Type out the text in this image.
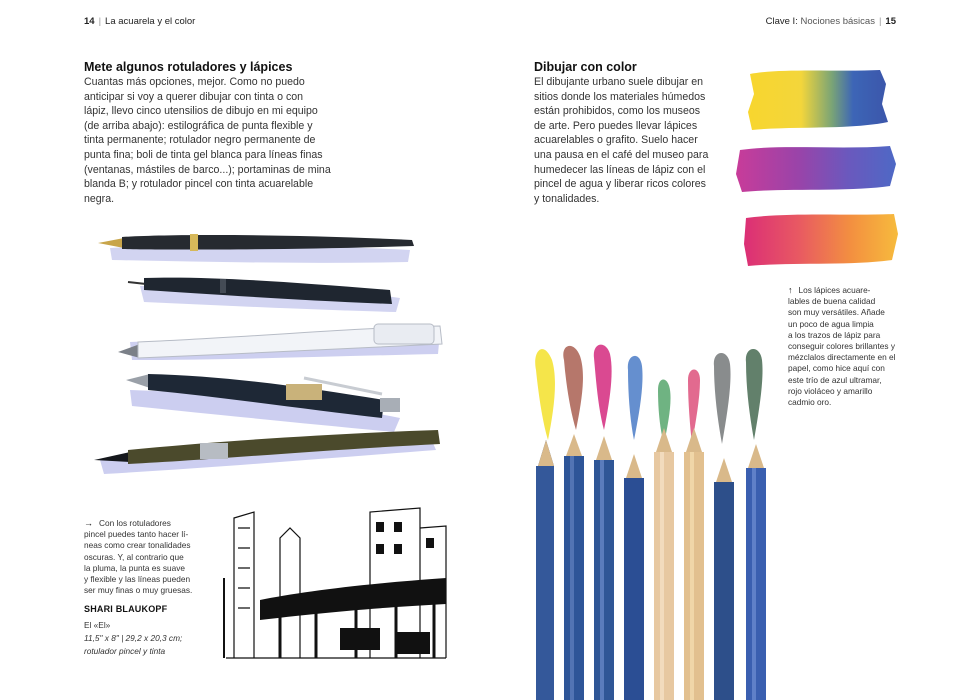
14 | La acuarela y el color	Clave I: Nociones básicas | 15
Mete algunos rotuladores y lápices
Cuantas más opciones, mejor. Como no puedo
anticipar si voy a querer dibujar con tinta o con
lápiz, llevo cinco utensilios de dibujo en mi equipo
(de arriba abajo): estilográfica de punta flexible y
tinta permanente; rotulador negro permanente de
punta fina; boli de tinta gel blanca para líneas finas
(ventanas, mástiles de barco...); portaminas de mina
blanda B; y rotulador pincel con tinta acuarelable
negra.
Dibujar con color
El dibujante urbano suele dibujar en
sitios donde los materiales húmedos
están prohibidos, como los museos
de arte. Pero puedes llevar lápices
acuarelables o grafito. Suelo hacer
una pausa en el café del museo para
humedecer las líneas de lápiz con el
pincel de agua y liberar ricos colores
y tonalidades.
↑ Los lápices acuare-
lables de buena calidad
son muy versátiles. Añade
un poco de agua limpia
a los trazos de lápiz para
conseguir colores brillantes y
mézclalos directamente en el
papel, como hice aquí con
este trío de azul ultramar,
rojo violáceo y amarillo
cadmio oro.
→ Con los rotuladores
pincel puedes tanto hacer lí-
neas como crear tonalidades
oscuras. Y, al contrario que
la pluma, la punta es suave
y flexible y las líneas pueden
ser muy finas o muy gruesas.
SHARI BLAUKOPF
El «El»
11,5" x 8" | 29,2 x 20,3 cm;
rotulador pincel y tinta
